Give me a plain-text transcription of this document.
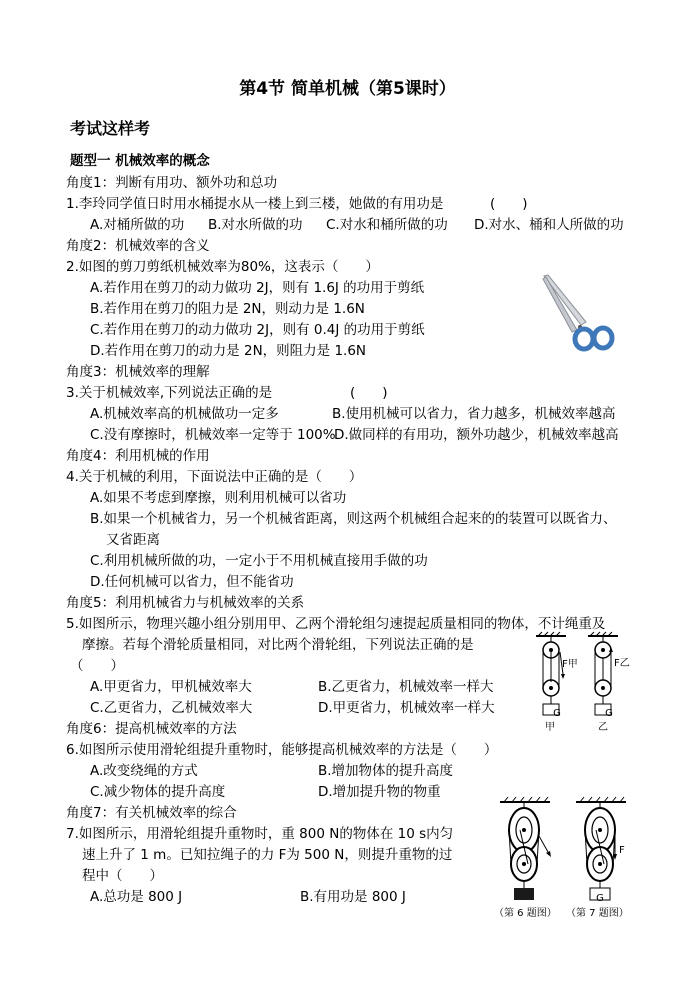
第4节 简单机械（第5课时）
考试这样考
题型一 机械效率的概念
角度1：判断有用功、额外功和总功
1.李玲同学值日时用水桶提水从一楼上到三楼，她做的有用功是	(　　)
A.对桶所做的功 B.对水所做的功 C.对水和桶所做的功 D.对水、桶和人所做的功
角度2：机械效率的含义
2.如图的剪刀剪纸机械效率为80%，这表示（　　）
A.若作用在剪刀的动力做功 2J，则有 1.6J 的功用于剪纸
B.若作用在剪刀的阻力是 2N，则动力是 1.6N
C.若作用在剪刀的动力做功 2J，则有 0.4J 的功用于剪纸
D.若作用在剪刀的动力是 2N，则阻力是 1.6N
角度3：机械效率的理解
3.关于机械效率,下列说法正确的是	(　　)
A.机械效率高的机械做功一定多	B.使用机械可以省力，省力越多，机械效率越高
C.没有摩擦时，机械效率一定等于 100%
D.做同样的有用功，额外功越少，机械效率越高
角度4：利用机械的作用
4.关于机械的利用，下面说法中正确的是（　　）
A.如果不考虑到摩擦，则利用机械可以省功
B.如果一个机械省力，另一个机械省距离，则这两个机械组合起来的的装置可以既省力、
又省距离
C.利用机械所做的功，一定小于不用机械直接用手做的功
D.任何机械可以省力，但不能省功
角度5：利用机械省力与机械效率的关系
5.如图所示，物理兴趣小组分别用甲、乙两个滑轮组匀速提起质量相同的物体，不计绳重及
摩擦。若每个滑轮质量相同，对比两个滑轮组，下列说法正确的是
（　　）
A.甲更省力，甲机械效率大	B.乙更省力，机械效率一样大
C.乙更省力，乙机械效率大	D.甲更省力，机械效率一样大	G	G
F甲	F乙
甲	乙
角度6：提高机械效率的方法
6.如图所示使用滑轮组提升重物时，能够提高机械效率的方法是（　　）
A.改变绕绳的方式	B.增加物体的提升高度
C.减少物体的提升高度	D.增加提升物的物重
角度7：有关机械效率的综合
7.如图所示，用滑轮组提升重物时，重 800 N的物体在 10 s内匀
速上升了 1 m。已知拉绳子的力 F为 500 N，则提升重物的过
程中（　　）
A.总功是 800 J	B.有用功是 800 J
F
G
（第 6 题图） （第 7 题图）
